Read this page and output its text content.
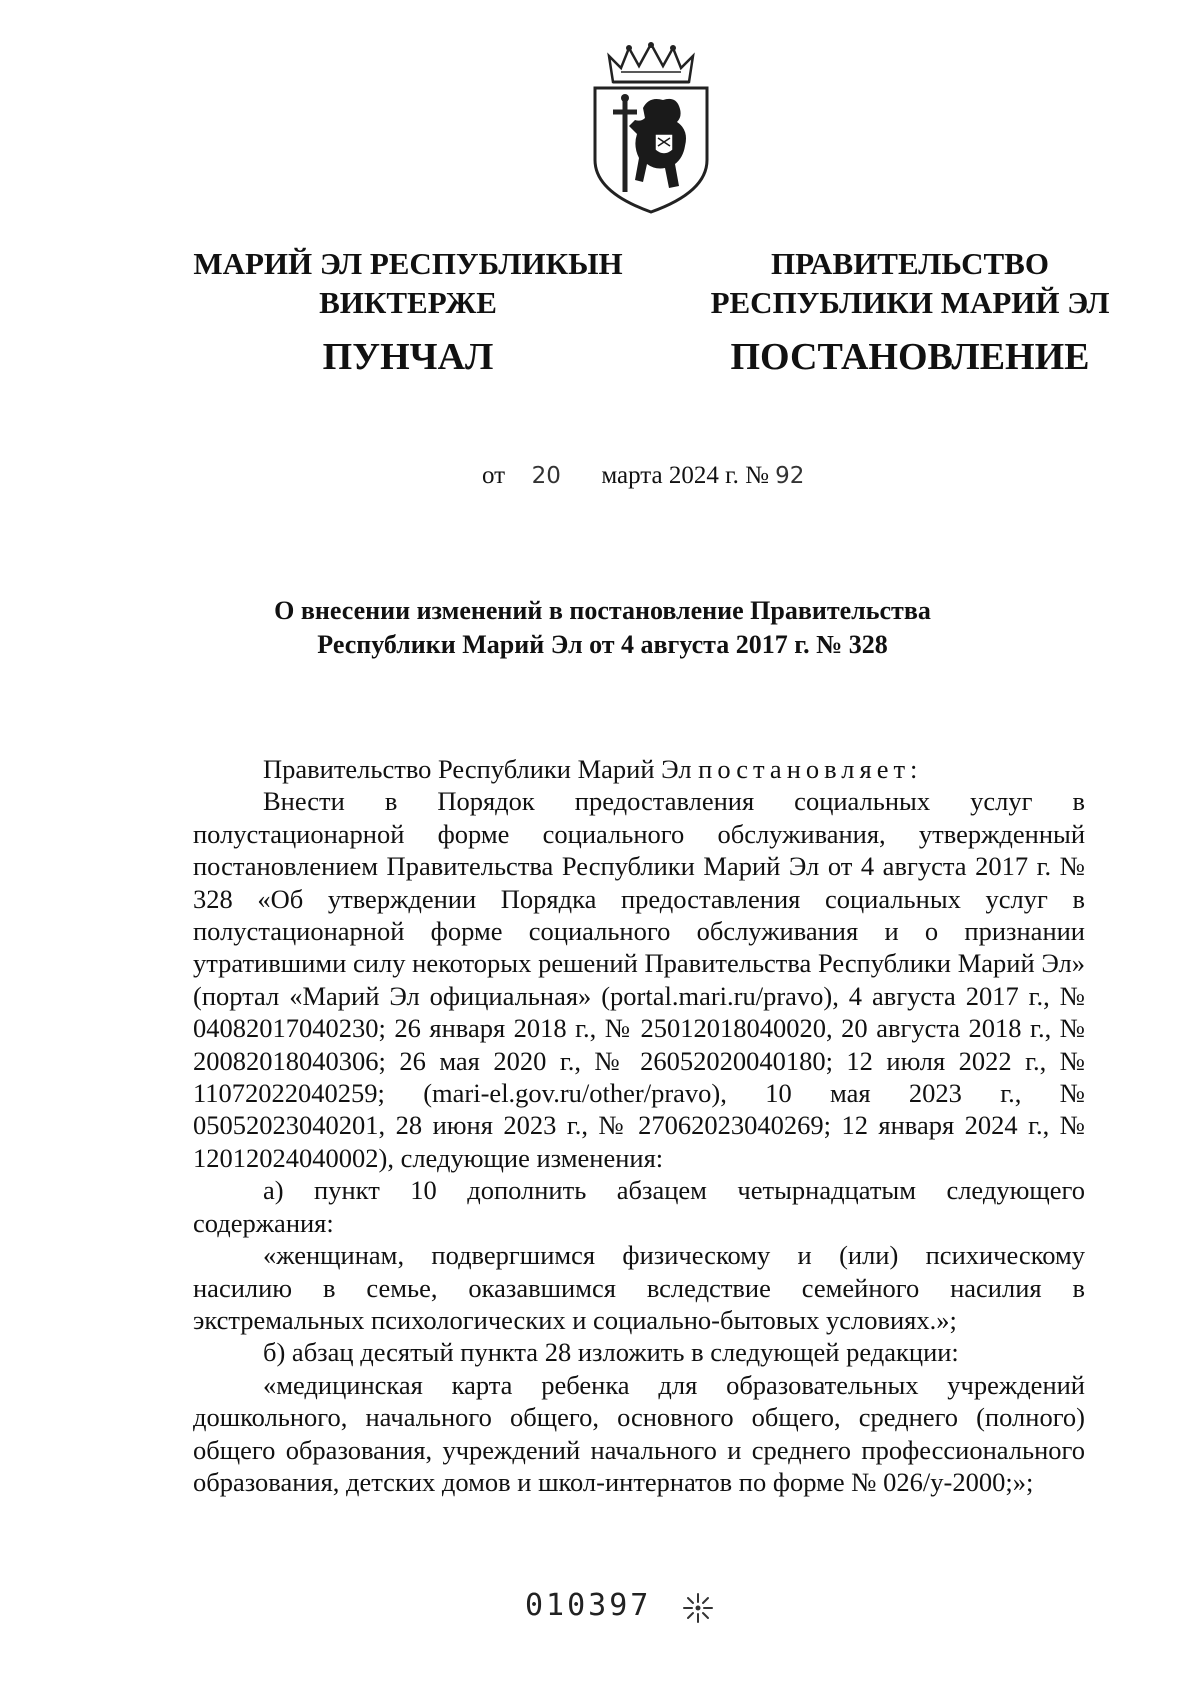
МАРИЙ ЭЛ РЕСПУБЛИКЫН
ВИКТЕРЖЕ
ПУНЧАЛ
ПРАВИТЕЛЬСТВО
РЕСПУБЛИКИ МАРИЙ ЭЛ
ПОСТАНОВЛЕНИЕ
от 20 марта 2024 г. № 92
О внесении изменений в постановление Правительства
Республики Марий Эл от 4 августа 2017 г. № 328

Правительство Республики Марий Эл постановляет:

Внести в Порядок предоставления социальных услуг в полустационарной форме социального обслуживания, утвержденный постановлением Правительства Республики Марий Эл от 4 августа 2017 г. № 328 «Об утверждении Порядка предоставления социальных услуг в полустационарной форме социального обслуживания и о признании утратившими силу некоторых решений Правительства Республики Марий Эл» (портал «Марий Эл официальная» (portal.mari.ru/pravo), 4 августа 2017 г., № 04082017040230; 26 января 2018 г., № 25012018040020, 20 августа 2018 г., № 20082018040306; 26 мая 2020 г., № 26052020040180; 12 июля 2022 г., № 11072022040259; (mari-el.gov.ru/other/pravo), 10 мая 2023 г., № 05052023040201, 28 июня 2023 г., № 27062023040269; 12 января 2024 г., № 12012024040002), следующие изменения:

а) пункт 10 дополнить абзацем четырнадцатым следующего содержания:

«женщинам, подвергшимся физическому и (или) психическому насилию в семье, оказавшимся вследствие семейного насилия в экстремальных психологических и социально-бытовых условиях.»;

б) абзац десятый пункта 28 изложить в следующей редакции:

«медицинская карта ребенка для образовательных учреждений дошкольного, начального общего, основного общего, среднего (полного) общего образования, учреждений начального и среднего профессионального образования, детских домов и школ-интернатов по форме № 026/у-2000;»;

010397
